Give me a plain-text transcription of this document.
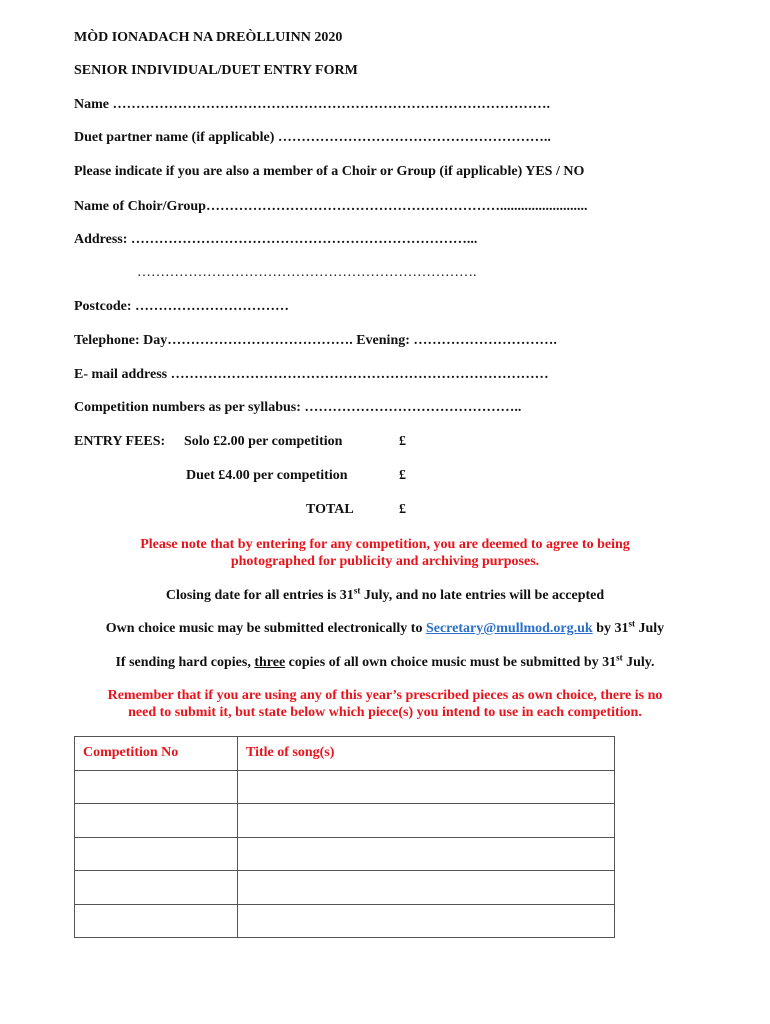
MÒD IONADACH NA DREÒLLUINN 2020
SENIOR INDIVIDUAL/DUET ENTRY FORM
Name ………………………………………………………………………………….
Duet partner name (if applicable) …………………………………………………..
Please indicate if you are also a member of a Choir or Group (if applicable) YES / NO
Name of Choir/Group……………………………………………………….........................
Address: ………………………………………………………………...
……………………………………………………………….
Postcode: ……………………………
Telephone: Day…………………………………. Evening: ………………………….
E- mail address ………………………………………………………………………
Competition numbers as per syllabus: ………………………………………..
ENTRY FEES: Solo £2.00 per competition	£
Duet £4.00 per competition	£
TOTAL	£
Please note that by entering for any competition, you are deemed to agree to being
photographed for publicity and archiving purposes.
Closing date for all entries is 31st July, and no late entries will be accepted
Own choice music may be submitted electronically to Secretary@mullmod.org.uk by 31st July
If sending hard copies, three copies of all own choice music must be submitted by 31st July.
Remember that if you are using any of this year’s prescribed pieces as own choice, there is no
need to submit it, but state below which piece(s) you intend to use in each competition.
Competition No	Title of song(s)
